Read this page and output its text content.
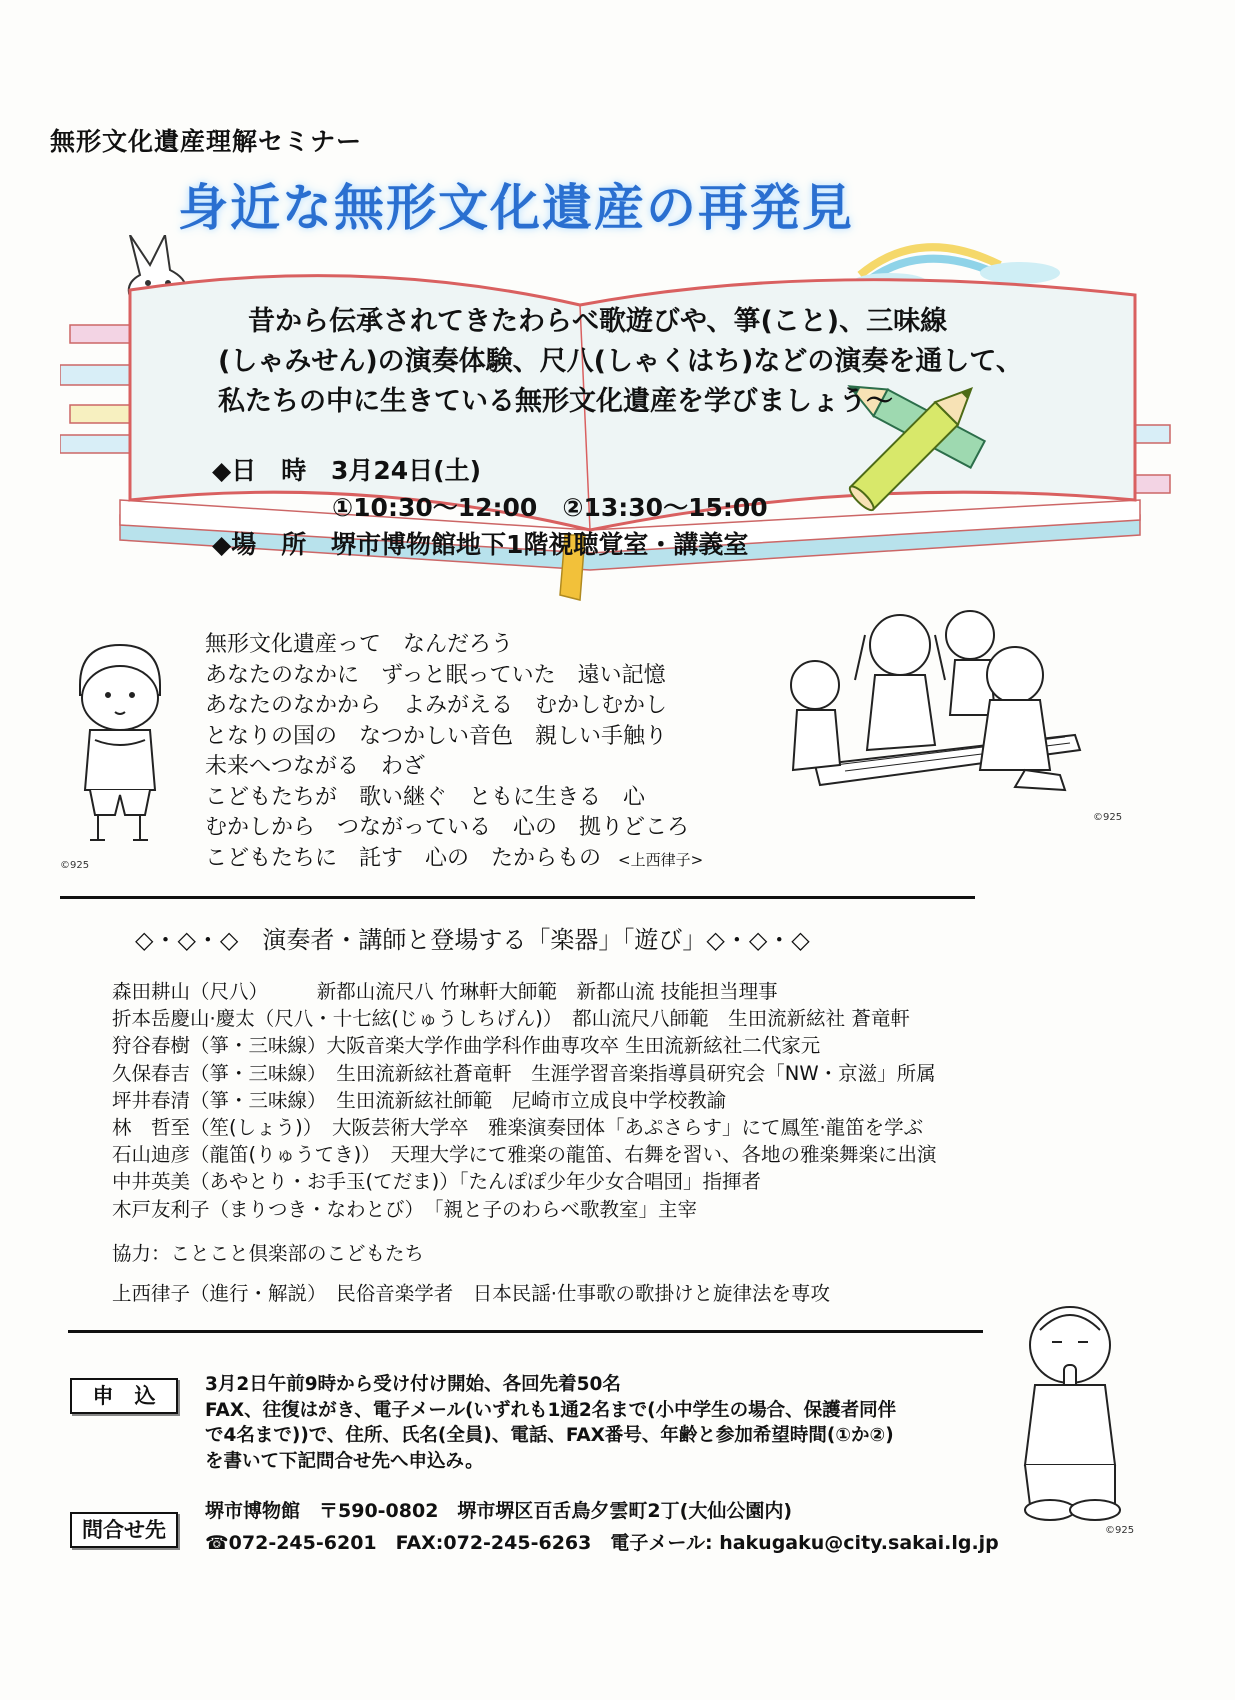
無形文化遺産理解セミナー
身近な無形文化遺産の再発見
昔から伝承されてきたわらべ歌遊びや、箏(こと)、三味線
(しゃみせん)の演奏体験、尺八(しゃくはち)などの演奏を通して、
私たちの中に生きている無形文化遺産を学びましょう〜
◆日　時 3月24日(土)
①10:30〜12:00　②13:30〜15:00
◆場　所 堺市博物館地下1階視聴覚室・講義室
©925
無形文化遺産って　なんだろう
あなたのなかに　ずっと眠っていた　遠い記憶
あなたのなかから　よみがえる　むかしむかし
となりの国の　なつかしい音色　親しい手触り
未来へつながる　わざ
こどもたちが　歌い継ぐ　ともに生きる　心
むかしから　つながっている　心の　拠りどころ
こどもたちに　託す　心の　たからもの <上西律子>
©925
◇・◇・◇　演奏者・講師と登場する「楽器」「遊び」◇・◇・◇
森田耕山（尺八）　　　新都山流尺八 竹琳軒大師範　新都山流 技能担当理事
折本岳慶山·慶太（尺八・十七絃(じゅうしちげん)）　都山流尺八師範　生田流新絃社 蒼竜軒
狩谷春樹（箏・三味線）大阪音楽大学作曲学科作曲専攻卒 生田流新絃社二代家元
久保春吉（箏・三味線）　生田流新絃社蒼竜軒　生涯学習音楽指導員研究会「NW・京滋」所属
坪井春清（箏・三味線）　生田流新絃社師範　尼崎市立成良中学校教諭
林　哲至（笙(しょう)）　大阪芸術大学卒　雅楽演奏団体「あぷさらす」にて鳳笙·龍笛を学ぶ
石山迪彦（龍笛(りゅうてき)）　天理大学にて雅楽の龍笛、右舞を習い、各地の雅楽舞楽に出演
中井英美（あやとり・お手玉(てだま)）「たんぽぽ少年少女合唱団」指揮者
木戸友利子（まりつき・なわとび）　「親と子のわらべ歌教室」主宰
協力：ことこと倶楽部のこどもたち
上西律子（進行・解説）　民俗音楽学者　日本民謡·仕事歌の歌掛けと旋律法を専攻
申　込	3月2日午前9時から受け付け開始、各回先着50名
FAX、往復はがき、電子メール(いずれも1通2名まで(小中学生の場合、保護者同伴
で4名まで))で、住所、氏名(全員)、電話、FAX番号、年齢と参加希望時間(①か②)
を書いて下記問合せ先へ申込み。
問合せ先
堺市博物館　〒590-0802　堺市堺区百舌鳥夕雲町2丁(大仙公園内)
☎072-245-6201　FAX:072-245-6263　電子メール: hakugaku@city.sakai.lg.jp
©925
